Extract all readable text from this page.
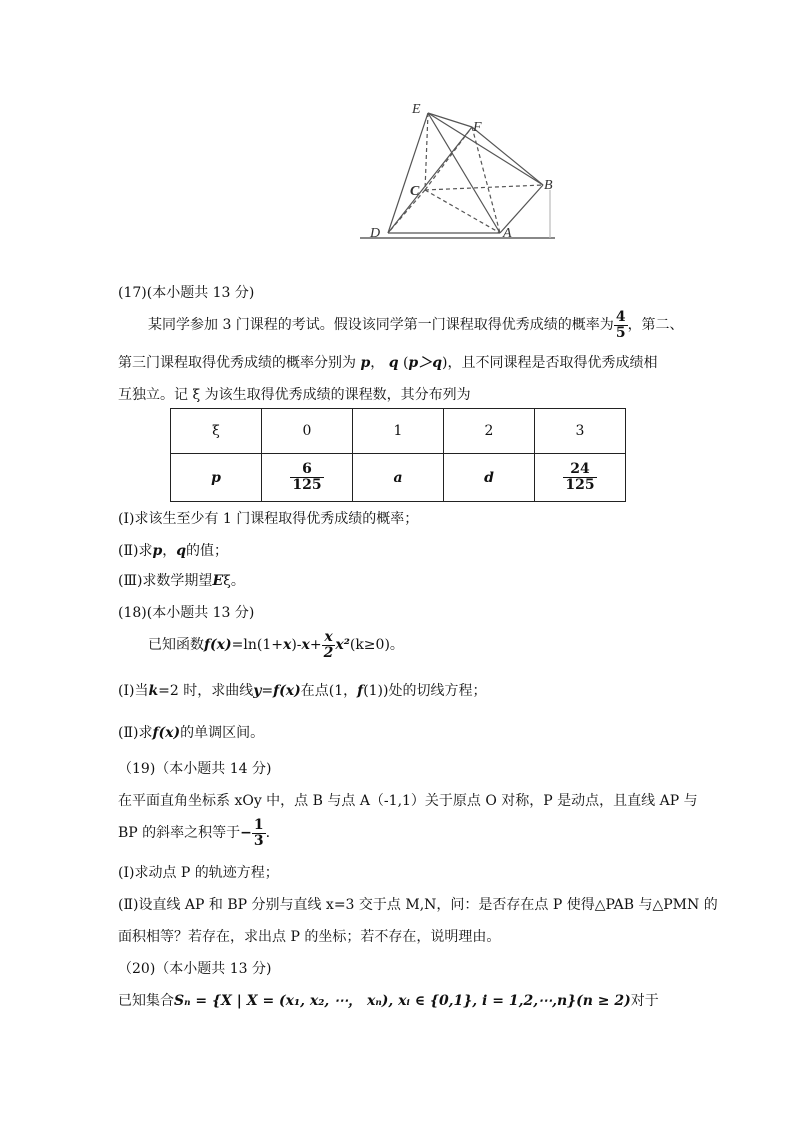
E
F
C	B
D	A
(17)(本小题共 13 分)
某同学参加 3 门课程的考试。假设该同学第一门课程取得优秀成绩的概率为 $\frac{4}{5}$ ，第二、
第三门课程取得优秀成绩的概率分别为 p， q (p＞q)，且不同课程是否取得优秀成绩相
互独立。记 ξ 为该生取得优秀成绩的课程数，其分布列为
ξ	0	1	2	3
p	$\frac{6}{125}$	a	d	$\frac{24}{125}$
(Ⅰ)求该生至少有 1 门课程取得优秀成绩的概率；
(Ⅱ)求p，q的值；
(Ⅲ)求数学期望Eξ。
(18)(本小题共 13 分)
已知函数$f(x)=\ln(1+x)-x+ \frac{x}{2} x^2(k\ge 0)$。
(Ⅰ)当k=2 时，求曲线y=f(x)在点(1，f(1))处的切线方程；
(Ⅱ)求f(x)的单调区间。
（19)（本小题共 14 分)
在平面直角坐标系 xOy 中，点 B 与点 A（-1,1）关于原点 O 对称，P 是动点，且直线 AP 与
BP 的斜率之积等于− $\frac{1}{3}$ .
(Ⅰ)求动点 P 的轨迹方程；
(Ⅱ)设直线 AP 和 BP 分别与直线 x=3 交于点 M,N，问：是否存在点 P 使得△PAB 与△PMN 的
面积相等？若存在，求出点 P 的坐标；若不存在，说明理由。
（20)（本小题共 13 分)
已知集合Sₙ = {X | X = (x₁, x₂, ⋯， xₙ), xᵢ ∈ {0,1}, i = 1,2,⋯,n}(n ≥ 2)对于
